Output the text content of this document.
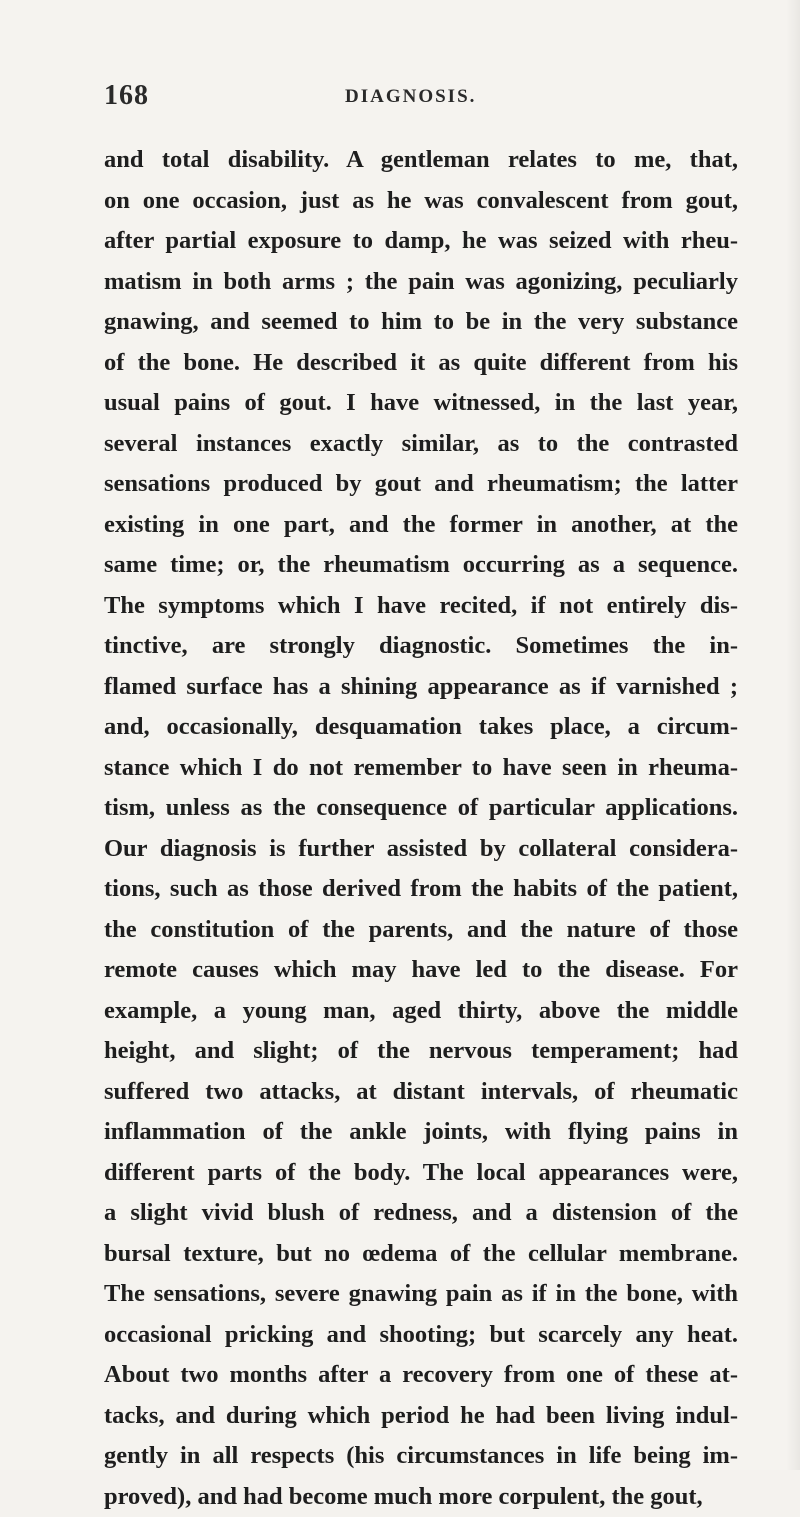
168	DIAGNOSIS.
and total disability. A gentleman relates to me, that,
on one occasion, just as he was convalescent from gout,
after partial exposure to damp, he was seized with rheu-
matism in both arms ; the pain was agonizing, peculiarly
gnawing, and seemed to him to be in the very substance
of the bone. He described it as quite different from his
usual pains of gout. I have witnessed, in the last year,
several instances exactly similar, as to the contrasted
sensations produced by gout and rheumatism; the latter
existing in one part, and the former in another, at the
same time; or, the rheumatism occurring as a sequence.
The symptoms which I have recited, if not entirely dis-
tinctive, are strongly diagnostic. Sometimes the in-
flamed surface has a shining appearance as if varnished ;
and, occasionally, desquamation takes place, a circum-
stance which I do not remember to have seen in rheuma-
tism, unless as the consequence of particular applications.
Our diagnosis is further assisted by collateral considera-
tions, such as those derived from the habits of the patient,
the constitution of the parents, and the nature of those
remote causes which may have led to the disease. For
example, a young man, aged thirty, above the middle
height, and slight; of the nervous temperament; had
suffered two attacks, at distant intervals, of rheumatic
inflammation of the ankle joints, with flying pains in
different parts of the body. The local appearances were,
a slight vivid blush of redness, and a distension of the
bursal texture, but no œdema of the cellular membrane.
The sensations, severe gnawing pain as if in the bone, with
occasional pricking and shooting; but scarcely any heat.
About two months after a recovery from one of these at-
tacks, and during which period he had been living indul-
gently in all respects (his circumstances in life being im-
proved), and had become much more corpulent, the gout,
